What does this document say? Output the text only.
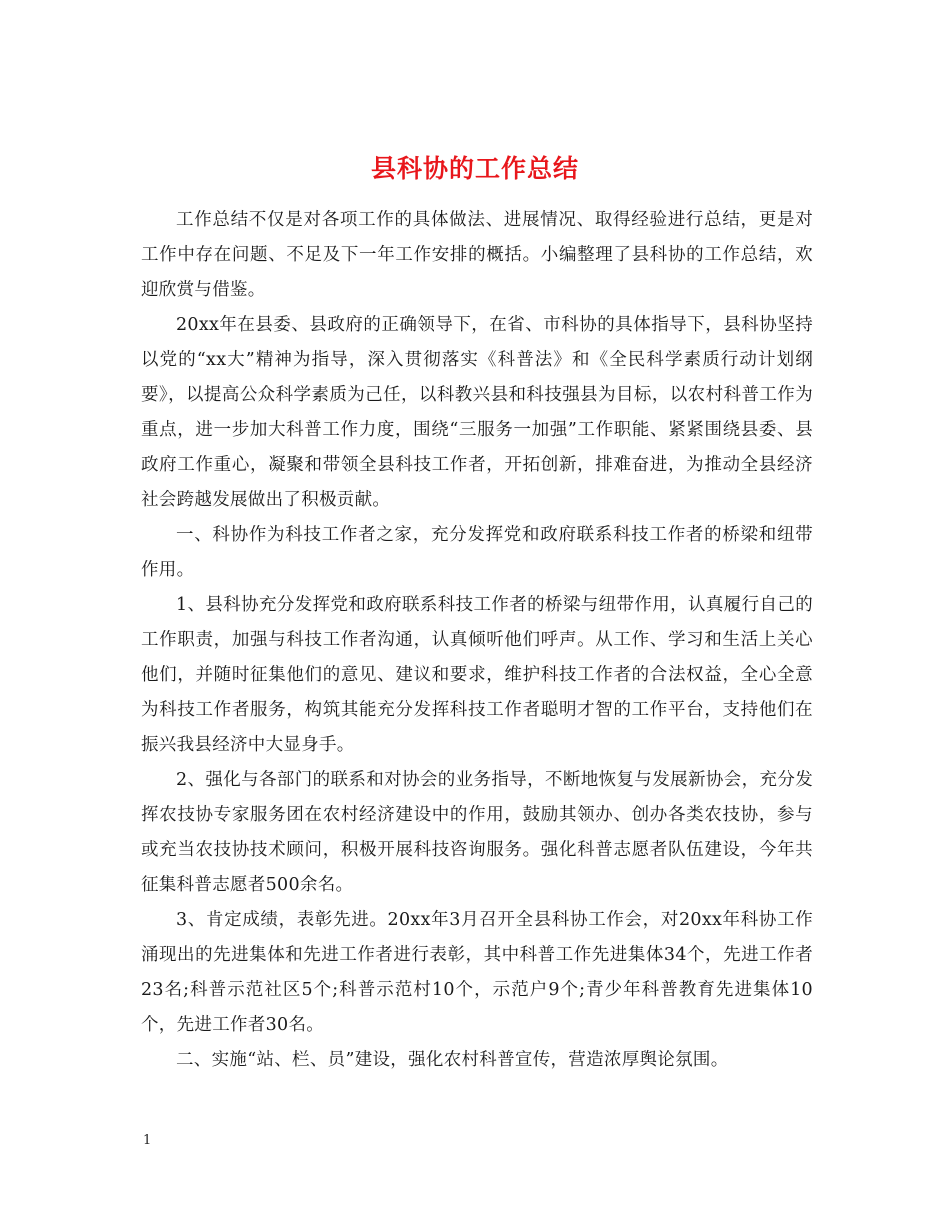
县科协的工作总结

工作总结不仅是对各项工作的具体做法、进展情况、取得经验进行总结，更是对工作中存在问题、不足及下一年工作安排的概括。小编整理了县科协的工作总结，欢迎欣赏与借鉴。

20xx年在县委、县政府的正确领导下，在省、市科协的具体指导下，县科协坚持以党的“xx大”精神为指导，深入贯彻落实《科普法》和《全民科学素质行动计划纲要》，以提高公众科学素质为己任，以科教兴县和科技强县为目标，以农村科普工作为重点，进一步加大科普工作力度，围绕“三服务一加强”工作职能、紧紧围绕县委、县政府工作重心，凝聚和带领全县科技工作者，开拓创新，排难奋进，为推动全县经济社会跨越发展做出了积极贡献。

一、科协作为科技工作者之家，充分发挥党和政府联系科技工作者的桥梁和纽带作用。

1、县科协充分发挥党和政府联系科技工作者的桥梁与纽带作用，认真履行自己的工作职责，加强与科技工作者沟通，认真倾听他们呼声。从工作、学习和生活上关心他们，并随时征集他们的意见、建议和要求，维护科技工作者的合法权益，全心全意为科技工作者服务，构筑其能充分发挥科技工作者聪明才智的工作平台，支持他们在振兴我县经济中大显身手。

2、强化与各部门的联系和对协会的业务指导，不断地恢复与发展新协会，充分发挥农技协专家服务团在农村经济建设中的作用，鼓励其领办、创办各类农技协，参与或充当农技协技术顾问，积极开展科技咨询服务。强化科普志愿者队伍建设，今年共征集科普志愿者500余名。

3、肯定成绩，表彰先进。20xx年3月召开全县科协工作会，对20xx年科协工作涌现出的先进集体和先进工作者进行表彰，其中科普工作先进集体34个，先进工作者23名;科普示范社区5个;科普示范村10个，示范户9个;青少年科普教育先进集体10个，先进工作者30名。

二、实施“站、栏、员”建设，强化农村科普宣传，营造浓厚舆论氛围。

1
